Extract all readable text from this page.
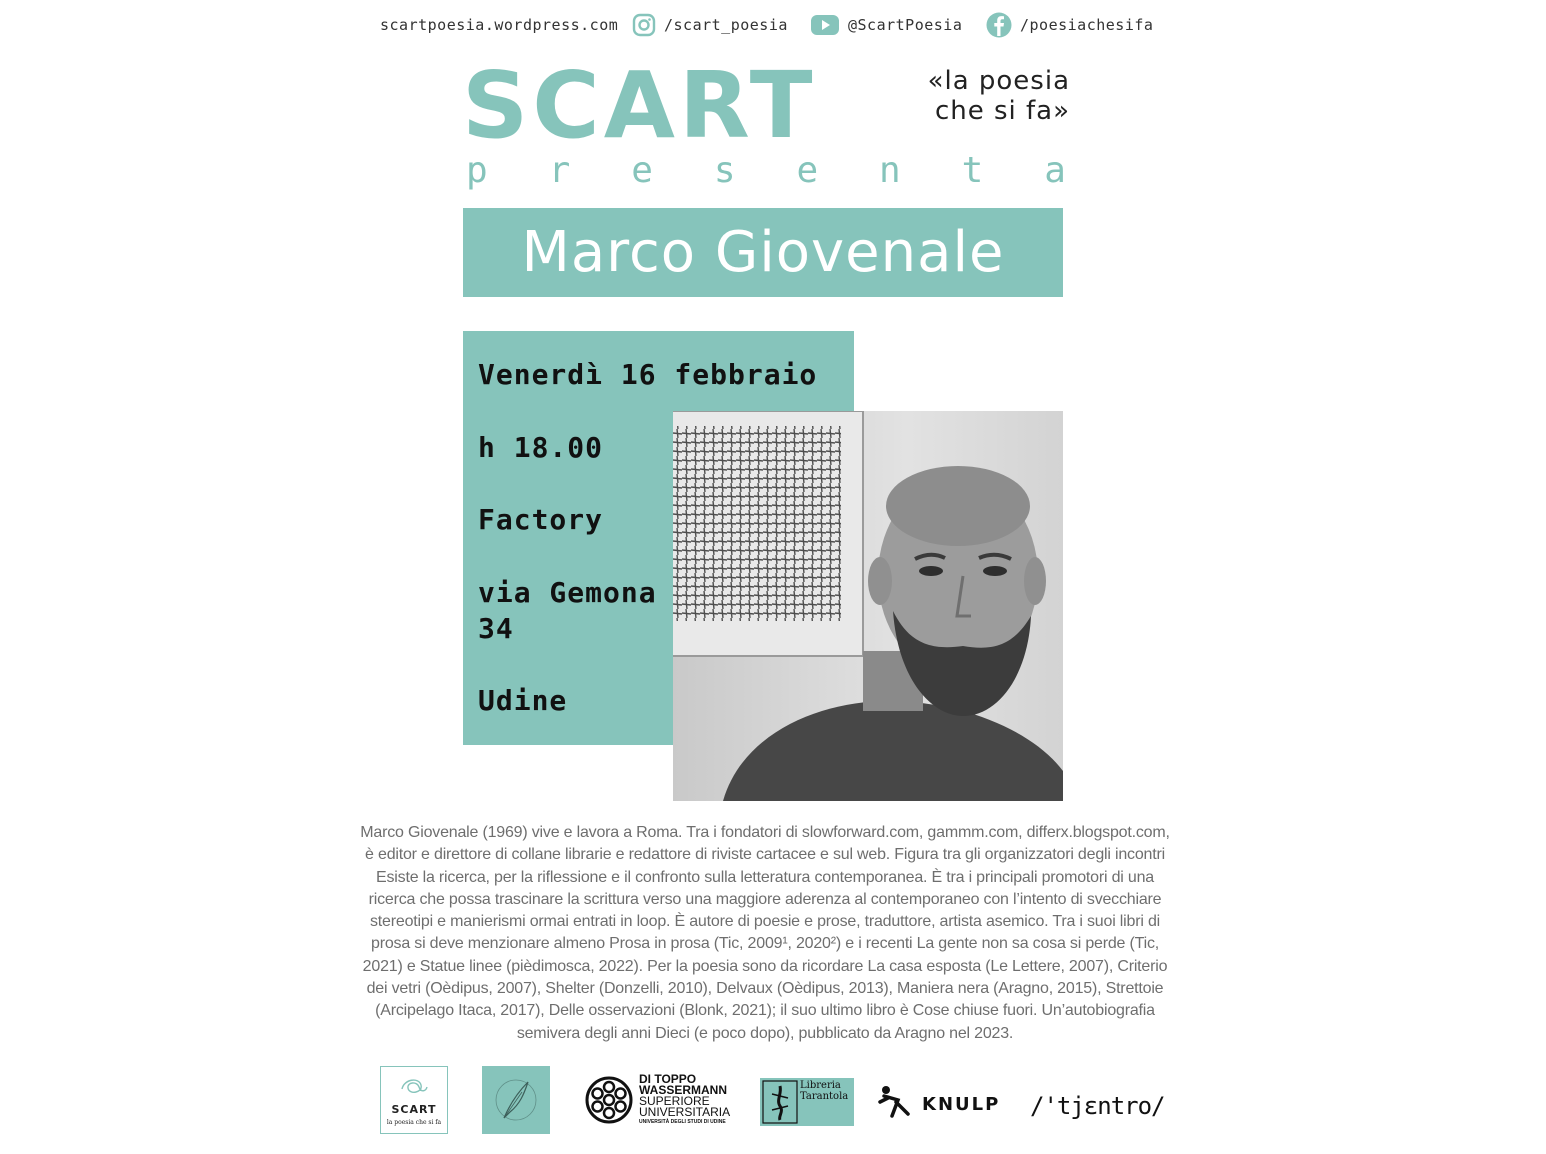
scartpoesia.wordpress.com	/scart_poesia	@ScartPoesia	/poesiachesifa
SCART	«la poesia
che si fa»
p r e s e n t a
Marco Giovenale
Venerdì 16 febbraio
h 18.00
Factory
via Gemona
34
Udine
Marco Giovenale (1969) vive e lavora a Roma. Tra i fondatori di slowforward.com, gammm.com, differx.blogspot.com, è editor e direttore di collane librarie e redattore di riviste cartacee e sul web. Figura tra gli organizzatori degli incontri Esiste la ricerca, per la riflessione e il confronto sulla letteratura contemporanea. È tra i principali promotori di una ricerca che possa trascinare la scrittura verso una maggiore aderenza al contemporaneo con l’intento di svecchiare stereotipi e manierismi ormai entrati in loop. È autore di poesie e prose, traduttore, artista asemico. Tra i suoi libri di prosa si deve menzionare almeno Prosa in prosa (Tic, 2009¹, 2020²) e i recenti La gente non sa cosa si perde (Tic, 2021) e Statue linee (pièdimosca, 2022). Per la poesia sono da ricordare La casa esposta (Le Lettere, 2007), Criterio dei vetri (Oèdipus, 2007), Shelter (Donzelli, 2010), Delvaux (Oèdipus, 2013), Maniera nera (Aragno, 2015), Strettoie (Arcipelago Itaca, 2017), Delle osservazioni (Blonk, 2021); il suo ultimo libro è Cose chiuse fuori. Un’autobiografia semivera degli anni Dieci (e poco dopo), pubblicato da Aragno nel 2023.
SCART
la poesia che si fa
DI TOPPO
WASSERMANN
SUPERIORE
UNIVERSITARIA
UNIVERSITÀ DEGLI STUDI DI UDINE
Libreria
Tarantola	KNULP /'tjɛntro/
